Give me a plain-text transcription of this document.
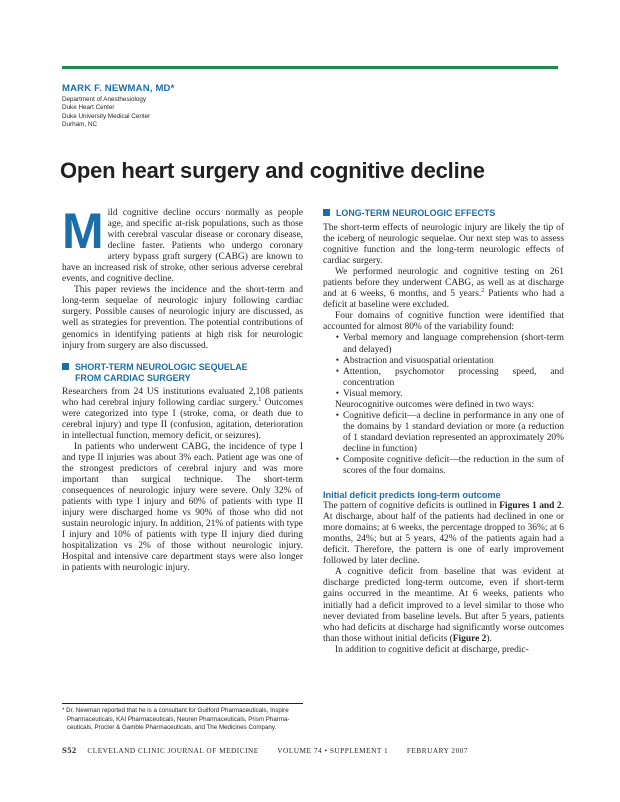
MARK F. NEWMAN, MD*
Department of Anesthesiology
Duke Heart Center
Duke University Medical Center
Durham, NC
Open heart surgery and cognitive decline

Mild cognitive decline occurs normally as people age, and specific at-risk populations, such as those with cerebral vascular disease or coronary disease, decline faster. Patients who undergo coronary artery bypass graft surgery (CABG) are known to have an increased risk of stroke, other serious adverse cerebral events, and cognitive decline.

This paper reviews the incidence and the short-term and long-term sequelae of neurologic injury following cardiac surgery. Possible causes of neurologic injury are discussed, as well as strategies for prevention. The potential contributions of genomics in identifying patients at high risk for neurologic injury from surgery are also discussed.

SHORT-TERM NEUROLOGIC SEQUELAE
FROM CARDIAC SURGERY

Researchers from 24 US institutions evaluated 2,108 patients who had cerebral injury following cardiac surgery.$^1$ Outcomes were categorized into type I (stroke, coma, or death due to cerebral injury) and type II (confusion, agitation, deterioration in intellectual function, memory deficit, or seizures).

In patients who underwent CABG, the incidence of type I and type II injuries was about 3% each. Patient age was one of the strongest predictors of cerebral injury and was more important than surgical technique. The short-term consequences of neurologic injury were severe. Only 32% of patients with type I injury and 60% of patients with type II injury were discharged home vs 90% of those who did not sustain neurologic injury. In addition, 21% of patients with type I injury and 10% of patients with type II injury died during hospitalization vs 2% of those without neurologic injury. Hospital and intensive care department stays were also longer in patients with neurologic injury.

* Dr. Newman reported that he is a consultant for Guilford Pharmaceuticals, Inspire
Pharmaceuticals, KAI Pharmaceuticals, Neuren Pharmaceuticals, Prism Pharma-
ceuticals, Procter & Gamble Pharmaceuticals, and The Medicines Company.

LONG-TERM NEUROLOGIC EFFECTS

The short-term effects of neurologic injury are likely the tip of the iceberg of neurologic sequelae. Our next step was to assess cognitive function and the long-term neurologic effects of cardiac surgery.

We performed neurologic and cognitive testing on 261 patients before they underwent CABG, as well as at discharge and at 6 weeks, 6 months, and 5 years.$^2$ Patients who had a deficit at baseline were excluded.

Four domains of cognitive function were identified that accounted for almost 80% of the variability found:

• Verbal memory and language comprehension (short-term and delayed)
• Abstraction and visuospatial orientation
• Attention, psychomotor processing speed, and concentration
• Visual memory.

Neurocognitive outcomes were defined in two ways:

• Cognitive deficit—a decline in performance in any one of the domains by 1 standard deviation or more (a reduction of 1 standard deviation represented an approximately 20% decline in function)
• Composite cognitive deficit—the reduction in the sum of scores of the four domains.

Initial deficit predicts long-term outcome

The pattern of cognitive deficits is outlined in Figures 1 and 2. At discharge, about half of the patients had declined in one or more domains; at 6 weeks, the percentage dropped to 36%; at 6 months, 24%; but at 5 years, 42% of the patients again had a deficit. Therefore, the pattern is one of early improvement followed by later decline.

A cognitive deficit from baseline that was evident at discharge predicted long-term outcome, even if short-term gains occurred in the meantime. At 6 weeks, patients who initially had a deficit improved to a level similar to those who never deviated from baseline levels. But after 5 years, patients who had deficits at discharge had significantly worse outcomes than those without initial deficits (Figure 2).

In addition to cognitive deficit at discharge, predic-

S52 CLEVELAND CLINIC JOURNAL OF MEDICINE	VOLUME 74 • SUPPLEMENT 1	FEBRUARY 2007
